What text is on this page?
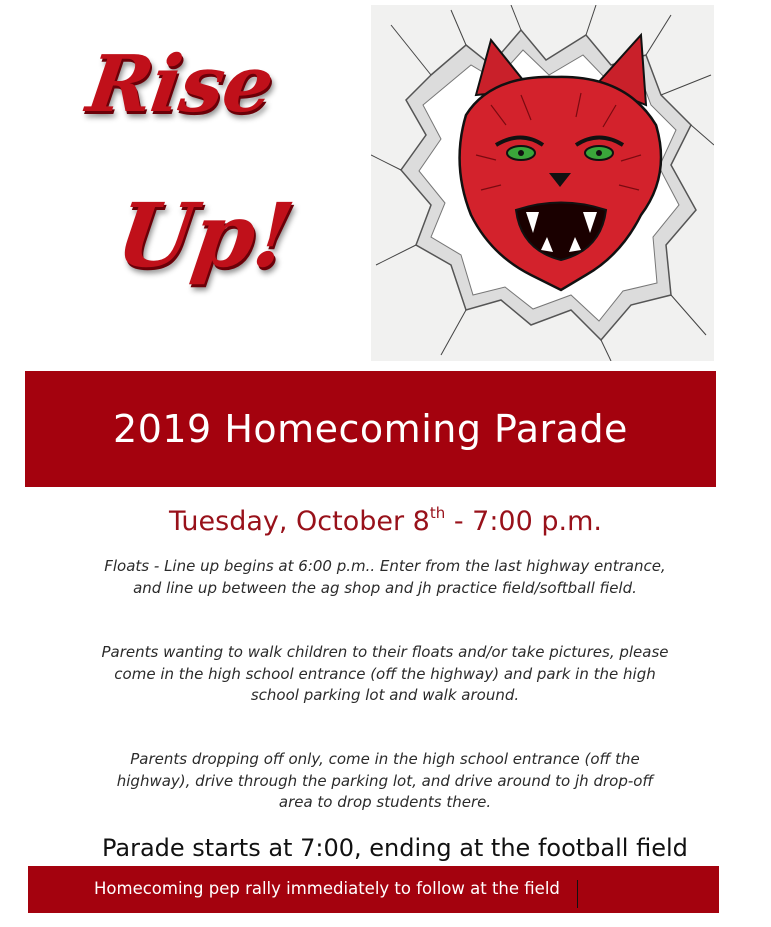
Rise
Up!
2019 Homecoming Parade
Tuesday, October 8th - 7:00 p.m.

Floats - Line up begins at 6:00 p.m.. Enter from the last highway entrance, and line up between the ag shop and jh practice field/softball field.

Parents wanting to walk children to their floats and/or take pictures, please come in the high school entrance (off the highway) and park in the high school parking lot and walk around.

Parents dropping off only, come in the high school entrance (off the highway), drive through the parking lot, and drive around to jh drop-off area to drop students there.

Parade starts at 7:00, ending at the football field
Homecoming pep rally immediately to follow at the field
